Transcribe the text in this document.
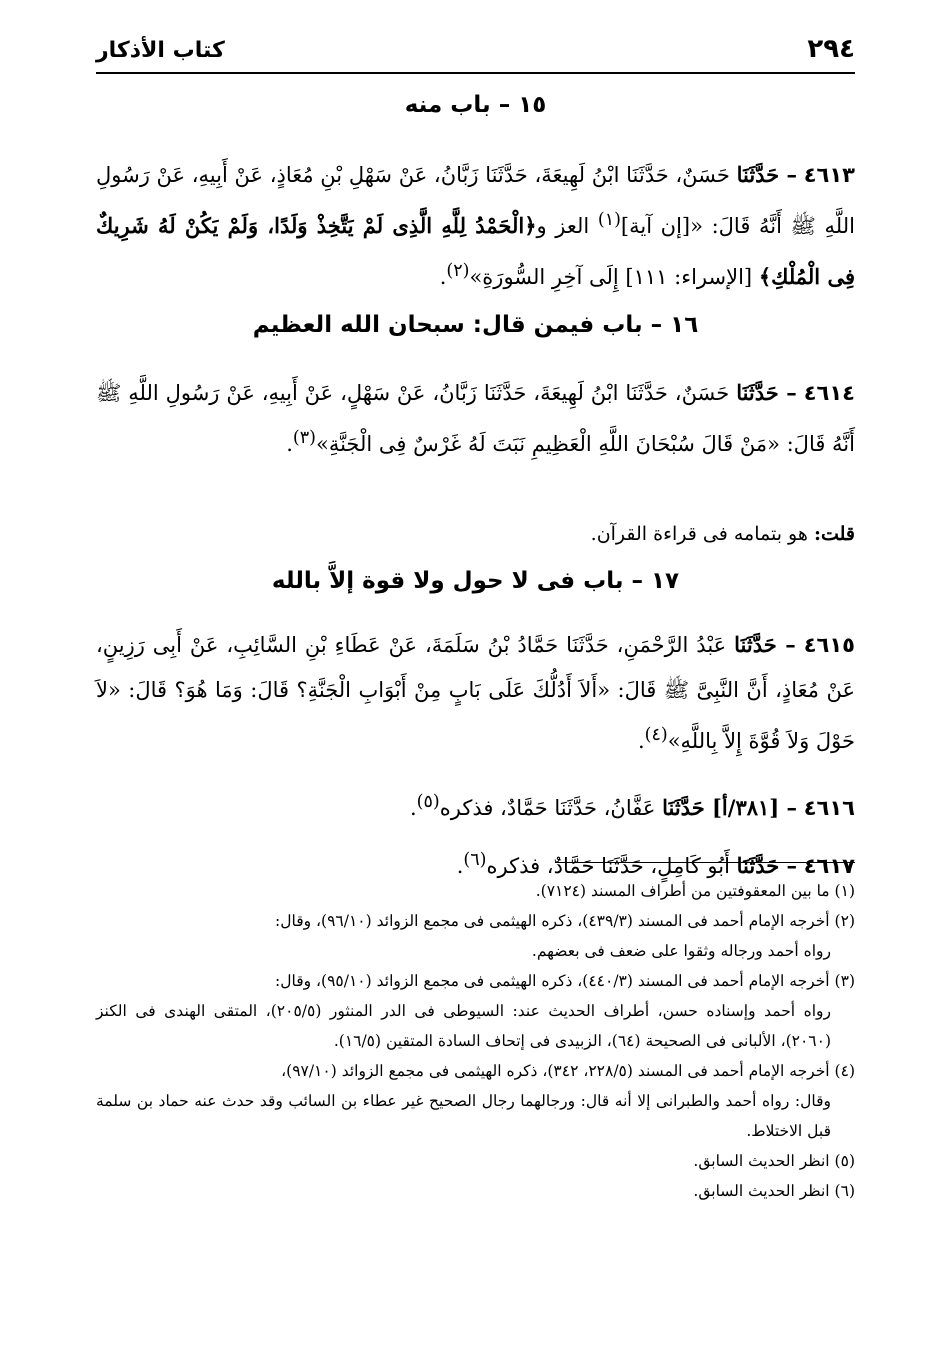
٢٩٤
كتاب الأذكار
١٥ – باب منه

٤٦١٣ – حَدَّثَنَا حَسَنٌ، حَدَّثَنَا ابْنُ لَهِيعَةَ، حَدَّثَنَا زَبَّانُ، عَنْ سَهْلِ بْنِ مُعَاذٍ، عَنْ أَبِيهِ، عَنْ رَسُولِ اللَّهِ ﷺ أَنَّهُ قَالَ: «[إن آية]$^{(١)}$ العز و﴿الْحَمْدُ لِلَّهِ الَّذِى لَمْ يَتَّخِذْ وَلَدًا، وَلَمْ يَكُنْ لَهُ شَرِيكٌ فِى الْمُلْكِ﴾ [الإسراء: ١١١] إِلَى آخِرِ السُّورَةِ»$^{(٢)}$.

١٦ – باب فيمن قال: سبحان الله العظيم

٤٦١٤ – حَدَّثَنَا حَسَنٌ، حَدَّثَنَا ابْنُ لَهِيعَةَ، حَدَّثَنَا زَبَّانُ، عَنْ سَهْلٍ، عَنْ أَبِيهِ، عَنْ رَسُولِ اللَّهِ ﷺ أَنَّهُ قَالَ: «مَنْ قَالَ سُبْحَانَ اللَّهِ الْعَظِيمِ نَبَتَ لَهُ غَرْسٌ فِى الْجَنَّةِ»$^{(٣)}$.

قلت: هو بتمامه فى قراءة القرآن.

١٧ – باب فى لا حول ولا قوة إلاَّ بالله

٤٦١٥ – حَدَّثَنَا عَبْدُ الرَّحْمَنِ، حَدَّثَنَا حَمَّادُ بْنُ سَلَمَةَ، عَنْ عَطَاءِ بْنِ السَّائِبِ، عَنْ أَبِى رَزِينٍ، عَنْ مُعَاذٍ، أَنَّ النَّبِىَّ ﷺ قَالَ: «أَلاَ أَدُلُّكَ عَلَى بَابٍ مِنْ أَبْوَابِ الْجَنَّةِ؟ قَالَ: وَمَا هُوَ؟ قَالَ: «لاَ حَوْلَ وَلاَ قُوَّةَ إِلاَّ بِاللَّهِ»$^{(٤)}$.

٤٦١٦ – [٣٨١/أ] حَدَّثَنَا عَفَّانُ، حَدَّثَنَا حَمَّادٌ، فذكره$^{(٥)}$.

٤٦١٧ – حَدَّثَنَا أَبُو كَامِلٍ، حَدَّثَنَا حَمَّادٌ، فذكره$^{(٦)}$.

(١) ما بين المعقوفتين من أطراف المسند (٧١٢٤).

(٢) أخرجه الإمام أحمد فى المسند (٤٣٩/٣)، ذكره الهيثمى فى مجمع الزوائد (٩٦/١٠)، وقال:
رواه أحمد ورجاله وثقوا على ضعف فى بعضهم.

(٣) أخرجه الإمام أحمد فى المسند (٤٤٠/٣)، ذكره الهيثمى فى مجمع الزوائد (٩٥/١٠)، وقال:
رواه أحمد وإسناده حسن، أطراف الحديث عند: السيوطى فى الدر المنثور (٢٠٥/٥)، المتقى الهندى فى الكنز (٢٠٦٠)، الألبانى فى الصحيحة (٦٤)، الزبيدى فى إتحاف السادة المتقين (١٦/٥).

(٤) أخرجه الإمام أحمد فى المسند (٢٢٨/٥، ٣٤٢)، ذكره الهيثمى فى مجمع الزوائد (٩٧/١٠)،
وقال: رواه أحمد والطبرانى إلا أنه قال: ورجالهما رجال الصحيح غير عطاء بن السائب وقد حدث عنه حماد بن سلمة قبل الاختلاط.

(٥) انظر الحديث السابق.

(٦) انظر الحديث السابق.
